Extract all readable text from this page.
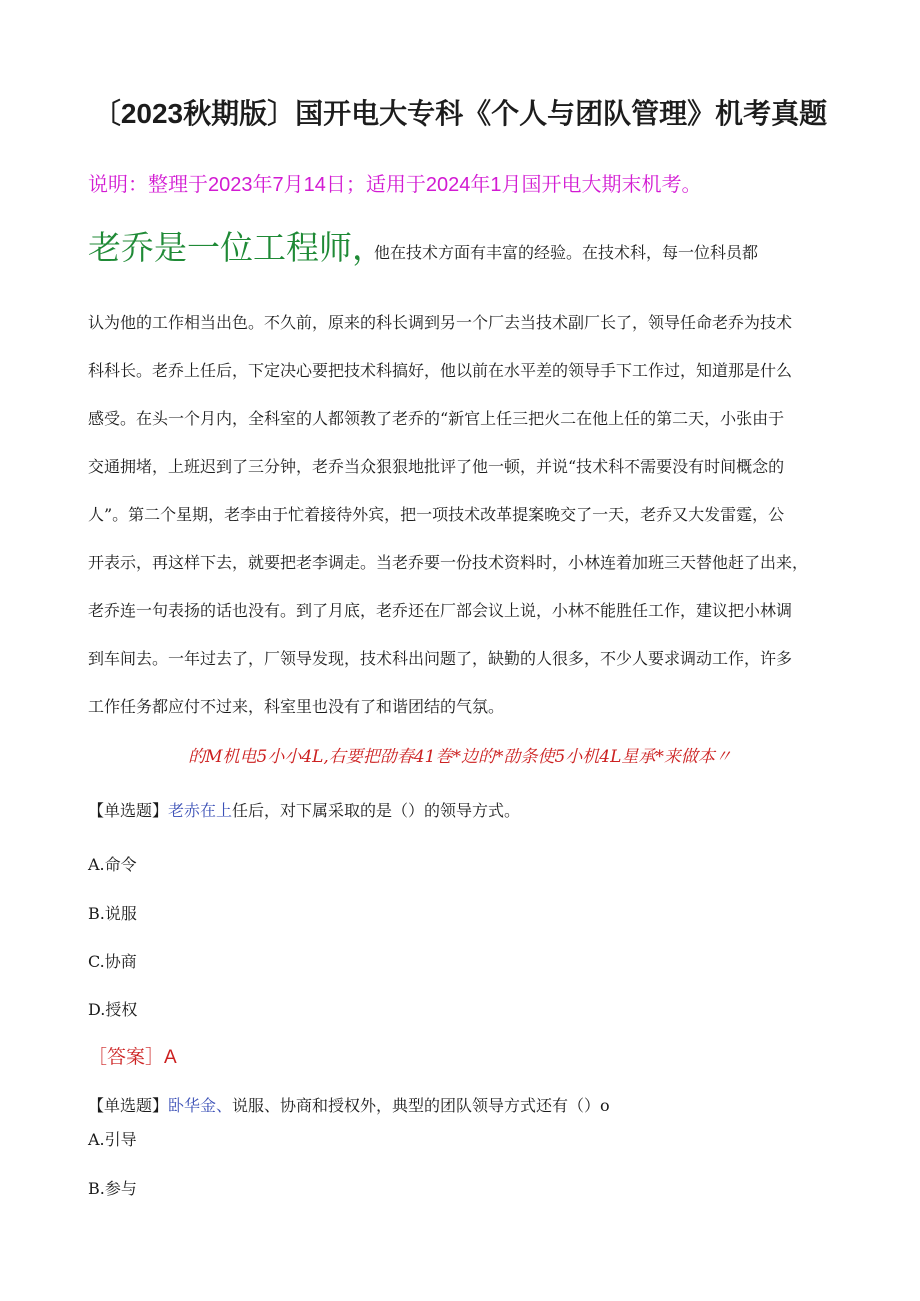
〔2023秋期版〕国开电大专科《个人与团队管理》机考真题

说明：整理于2023年7月14日；适用于2024年1月国开电大期末机考。

老乔是一位工程师，
他在技术方面有丰富的经验。在技术科，每一位科员都

认为他的工作相当出色。不久前，原来的科长调到另一个厂去当技术副厂长了，领导任命老乔为技术

科科长。老乔上任后，下定决心要把技术科搞好，他以前在水平差的领导手下工作过，知道那是什么

感受。在头一个月内，全科室的人都领教了老乔的“新官上任三把火二在他上任的第二天，小张由于

交通拥堵，上班迟到了三分钟，老乔当众狠狠地批评了他一顿，并说“技术科不需要没有时间概念的

人”。第二个星期，老李由于忙着接待外宾，把一项技术改革提案晚交了一天，老乔又大发雷霆，公

开表示，再这样下去，就要把老李调走。当老乔要一份技术资料时，小林连着加班三天替他赶了出来，

老乔连一句表扬的话也没有。到了月底，老乔还在厂部会议上说，小林不能胜任工作，建议把小林调

到车间去。一年过去了，厂领导发现，技术科出问题了，缺勤的人很多，不少人要求调动工作，许多

工作任务都应付不过来，科室里也没有了和谐团结的气氛。

的M机电5小小4L,右要把劭春41巻*边的*劭条使5小机4L星承*来做本〃

【单选题】老赤在上任后，对下属采取的是（）的领导方式。

A.命令

B.说服

C.协商

D.授权

［答案］A

【单选题】卧华金、说服、协商和授权外，典型的团队领导方式还有（）o

A.引导

B.参与
